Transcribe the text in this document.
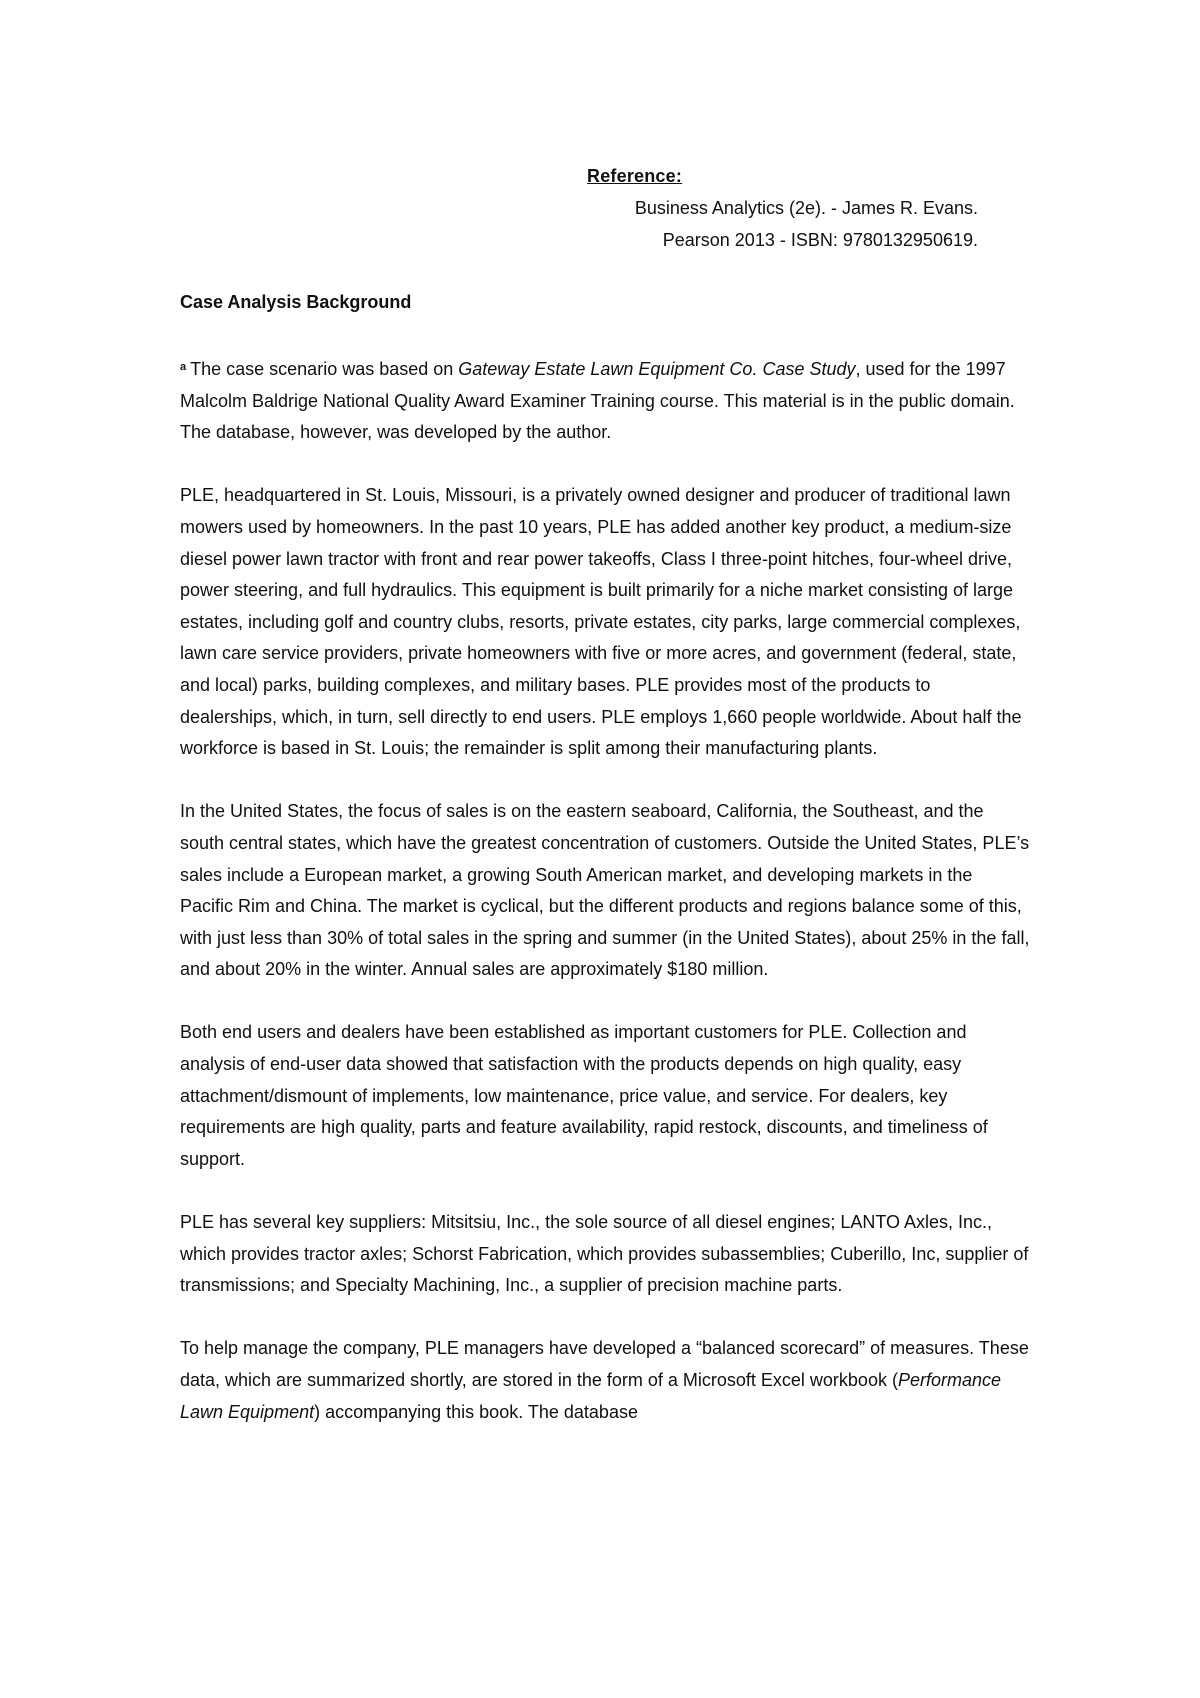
Reference:
Business Analytics (2e). - James R. Evans.
Pearson 2013 - ISBN: 9780132950619.
Case Analysis Background

$^a$ The case scenario was based on Gateway Estate Lawn Equipment Co. Case Study, used for the 1997 Malcolm Baldrige National Quality Award Examiner Training course. This material is in the public domain. The database, however, was developed by the author.

PLE, headquartered in St. Louis, Missouri, is a privately owned designer and producer of traditional lawn mowers used by homeowners. In the past 10 years, PLE has added another key product, a medium-size diesel power lawn tractor with front and rear power takeoffs, Class I three-point hitches, four-wheel drive, power steering, and full hydraulics. This equipment is built primarily for a niche market consisting of large estates, including golf and country clubs, resorts, private estates, city parks, large commercial complexes, lawn care service providers, private homeowners with five or more acres, and government (federal, state, and local) parks, building complexes, and military bases. PLE provides most of the products to dealerships, which, in turn, sell directly to end users. PLE employs 1,660 people worldwide. About half the workforce is based in St. Louis; the remainder is split among their manufacturing plants.

In the United States, the focus of sales is on the eastern seaboard, California, the Southeast, and the south central states, which have the greatest concentration of customers. Outside the United States, PLE’s sales include a European market, a growing South American market, and developing markets in the Pacific Rim and China. The market is cyclical, but the different products and regions balance some of this, with just less than 30% of total sales in the spring and summer (in the United States), about 25% in the fall, and about 20% in the winter. Annual sales are approximately $180 million.

Both end users and dealers have been established as important customers for PLE. Collection and analysis of end-user data showed that satisfaction with the products depends on high quality, easy attachment/dismount of implements, low maintenance, price value, and service. For dealers, key requirements are high quality, parts and feature availability, rapid restock, discounts, and timeliness of support.

PLE has several key suppliers: Mitsitsiu, Inc., the sole source of all diesel engines; LANTO Axles, Inc., which provides tractor axles; Schorst Fabrication, which provides subassemblies; Cuberillo, Inc, supplier of transmissions; and Specialty Machining, Inc., a supplier of precision machine parts.

To help manage the company, PLE managers have developed a “balanced scorecard” of measures. These data, which are summarized shortly, are stored in the form of a Microsoft Excel workbook (Performance Lawn Equipment) accompanying this book. The database
